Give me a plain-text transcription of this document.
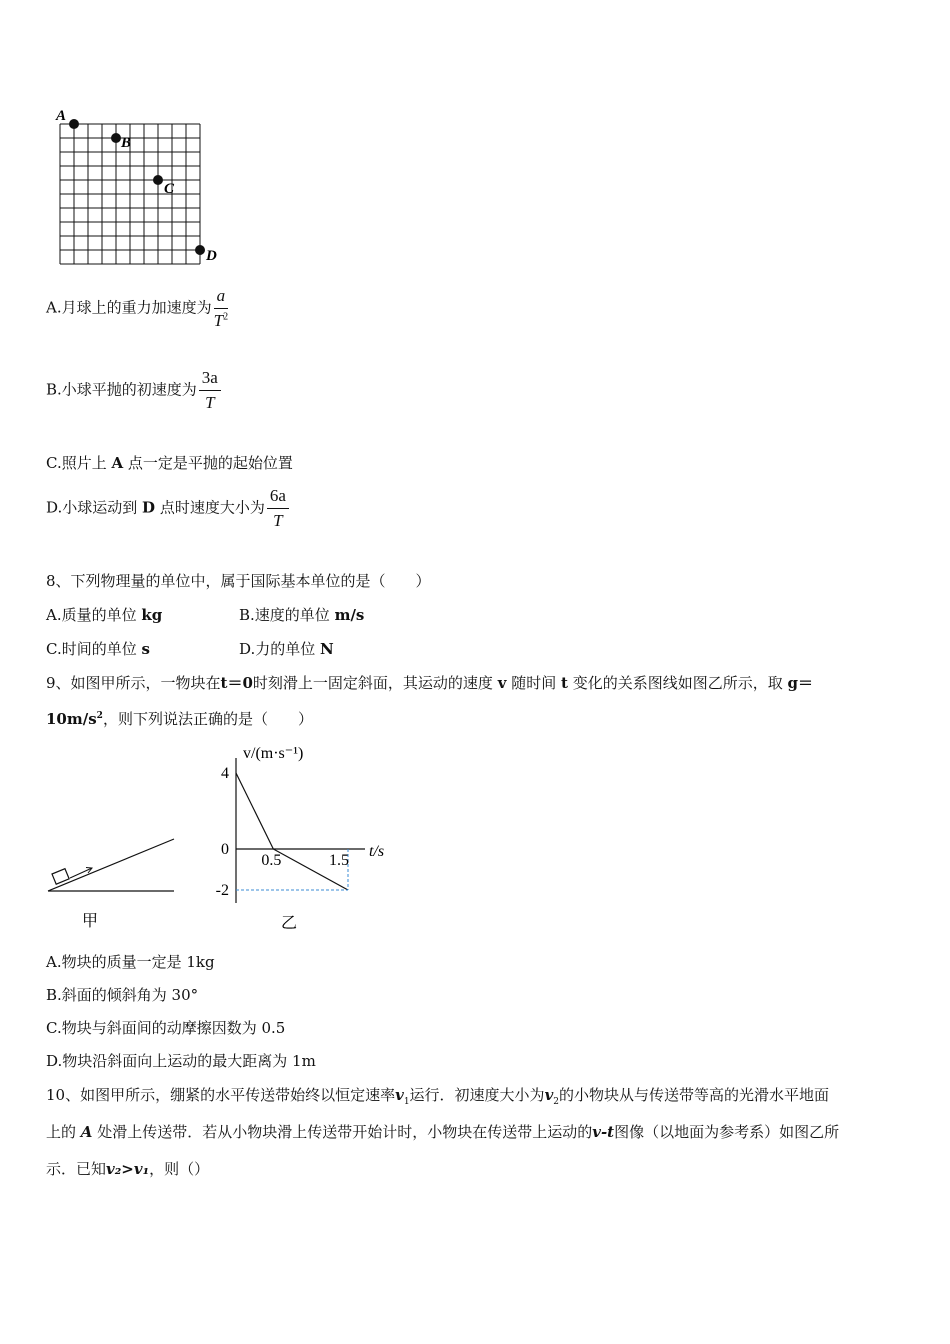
A
B
C
D
A.月球上的重力加速度为 $\frac{a}{T^2}$
B.小球平抛的初速度为 $\frac{3a}{T}$
C.照片上 A 点一定是平抛的起始位置
D.小球运动到 D 点时速度大小为 $\frac{6a}{T}$
8、下列物理量的单位中，属于国际基本单位的是（　　）
A.质量的单位 kg	B.速度的单位 m/s
C.时间的单位 s	D.力的单位 N
9、如图甲所示，一物块在t＝0时刻滑上一固定斜面，其运动的速度 v 随时间 t 变化的关系图线如图乙所示，取 g＝
$10m/s^2$，则下列说法正确的是（　　）
甲
v/(m·s⁻¹)
t/s
0.5	1.5
4
0
-2
乙
A.物块的质量一定是 1kg
B.斜面的倾斜角为 30°
C.物块与斜面间的动摩擦因数为 0.5
D.物块沿斜面向上运动的最大距离为 1m
10、如图甲所示，绷紧的水平传送带始终以恒定速率$v_1$运行．初速度大小为$v_2$的小物块从与传送带等高的光滑水平地面
上的 A 处滑上传送带．若从小物块滑上传送带开始计时，小物块在传送带上运动的v-t图像（以地面为参考系）如图乙所
示．已知v₂>v₁，则（）
